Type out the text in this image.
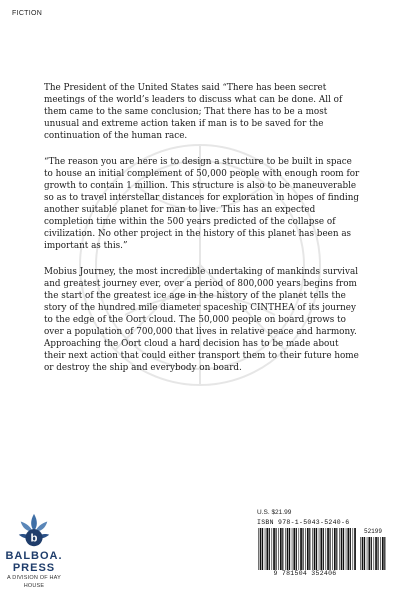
FICTION

The President of the United States said “There has been secret meetings of the world’s leaders to discuss what can be done. All of them came to the same conclusion; That there has to be a most unusual and extreme action taken if man is to be saved for the continuation of the human race.

“The reason you are here is to design a structure to be built in space to house an initial complement of 50,000 people with enough room for growth to contain 1 million. This structure is also to be maneuverable so as to travel interstellar distances for exploration in hopes of finding another suitable planet for man to live. This has an expected completion time within the 500 years predicted of the collapse of civilization. No other project in the history of this planet has been as important as this.”

Mobius Journey, the most incredible undertaking of mankinds survival and greatest journey ever, over a period of 800,000 years begins from the start of the greatest ice age in the history of the planet tells the story of the hundred mile diameter spaceship CINTHEA of its journey to the edge of the Oort cloud. The 50,000 people on board grows to over a population of 700,000 that lives in relative peace and harmony. Approaching the Oort cloud a hard decision has to be made about their next action that could either transport them to their future home or destroy the ship and everybody on board.

b
BALBOA.
PRESS
A DIVISION OF HAY HOUSE
U.S. $21.99
ISBN 978-1-5043-5240-6
52199
9 781504 352406
